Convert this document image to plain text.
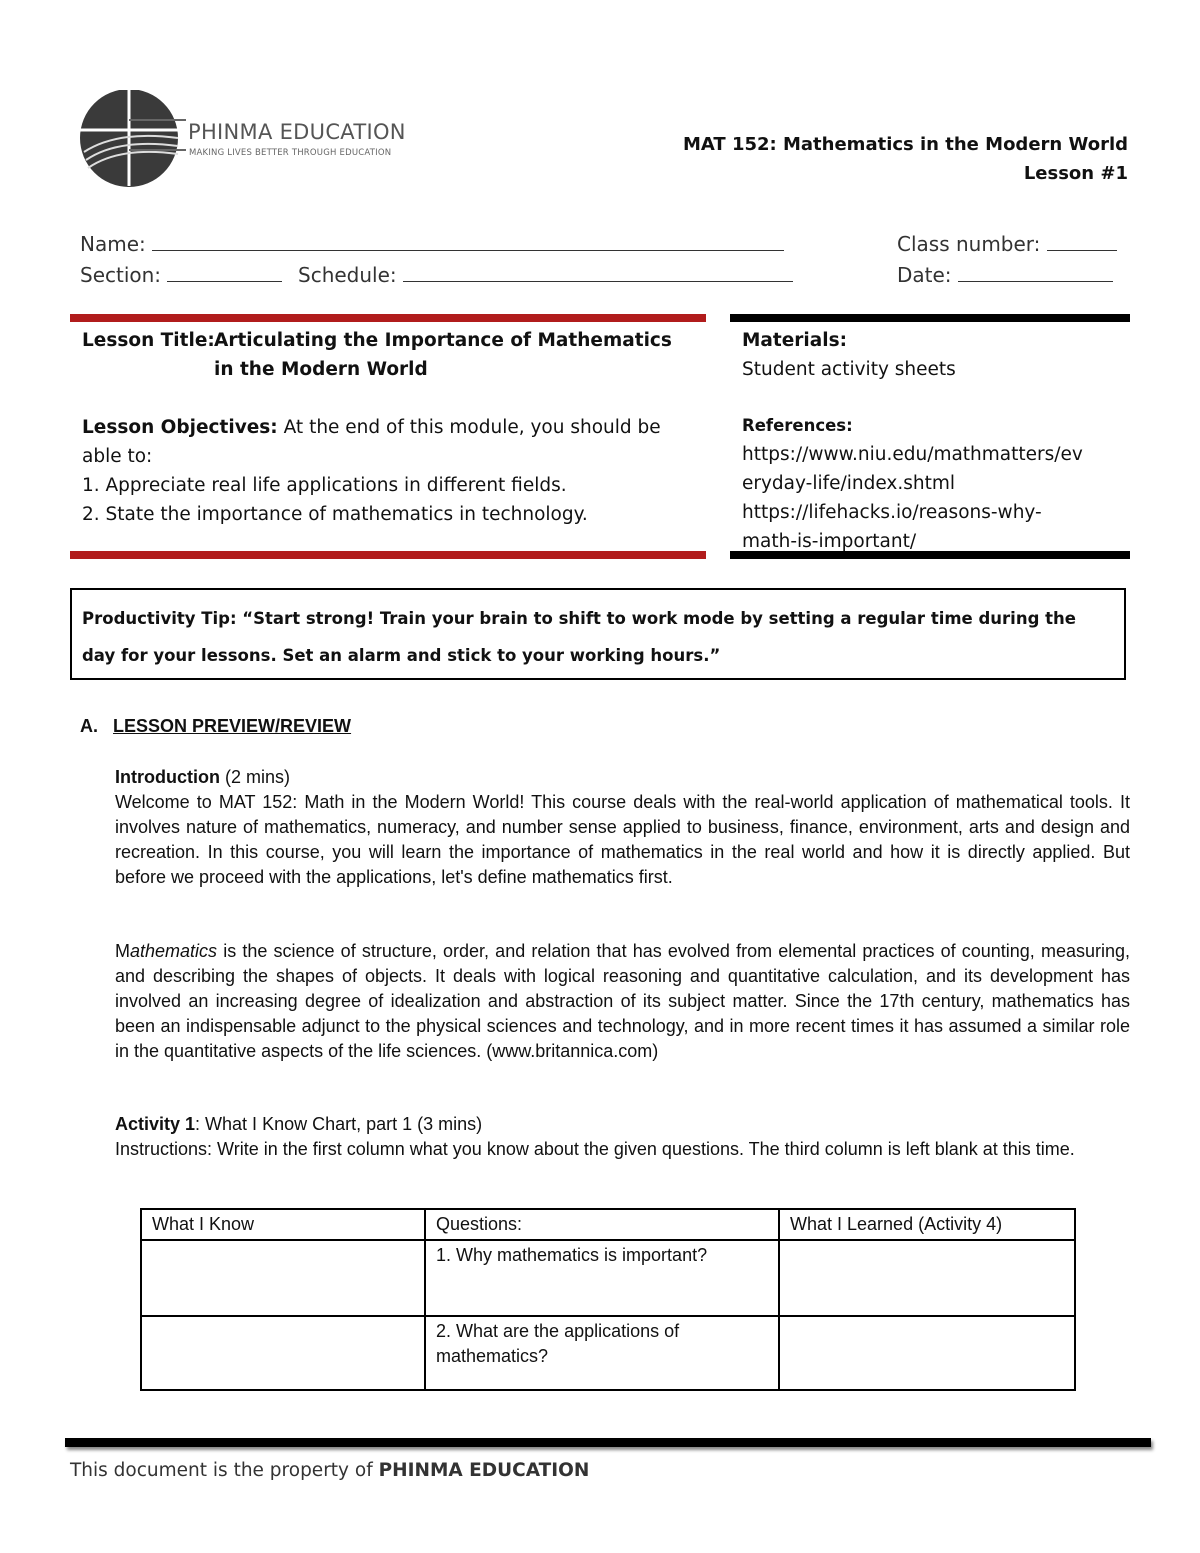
PHINMA EDUCATION
MAKING LIVES BETTER THROUGH EDUCATION	MAT 152: Mathematics in the Modern World
Lesson #1
Name:	Class number:
Section:	Schedule:	Date:
Lesson Title: Articulating the Importance of Mathematics
in the Modern World
Lesson Objectives: At the end of this module, you should be able to:
1. Appreciate real life applications in different fields.
2. State the importance of mathematics in technology.
Materials:
Student activity sheets
References:
https://www.niu.edu/mathmatters/ev
eryday-life/index.shtml
https://lifehacks.io/reasons-why-
math-is-important/
Productivity Tip: “Start strong! Train your brain to shift to work mode by setting a regular time during the day for your lessons. Set an alarm and stick to your working hours.”
A. LESSON PREVIEW/REVIEW
Introduction (2 mins)
Welcome to MAT 152: Math in the Modern World! This course deals with the real-world application of mathematical tools. It involves nature of mathematics, numeracy, and number sense applied to business, finance, environment, arts and design and recreation. In this course, you will learn the importance of mathematics in the real world and how it is directly applied. But before we proceed with the applications, let's define mathematics first.
Mathematics is the science of structure, order, and relation that has evolved from elemental practices of counting, measuring, and describing the shapes of objects. It deals with logical reasoning and quantitative calculation, and its development has involved an increasing degree of idealization and abstraction of its subject matter. Since the 17th century, mathematics has been an indispensable adjunct to the physical sciences and technology, and in more recent times it has assumed a similar role in the quantitative aspects of the life sciences. (www.britannica.com)
Activity 1: What I Know Chart, part 1 (3 mins)
Instructions: Write in the first column what you know about the given questions. The third column is left blank at this time.
What I Know	Questions:	What I Learned (Activity 4)
	1. Why mathematics is important?	
	2. What are the applications of mathematics?	
This document is the property of PHINMA EDUCATION
